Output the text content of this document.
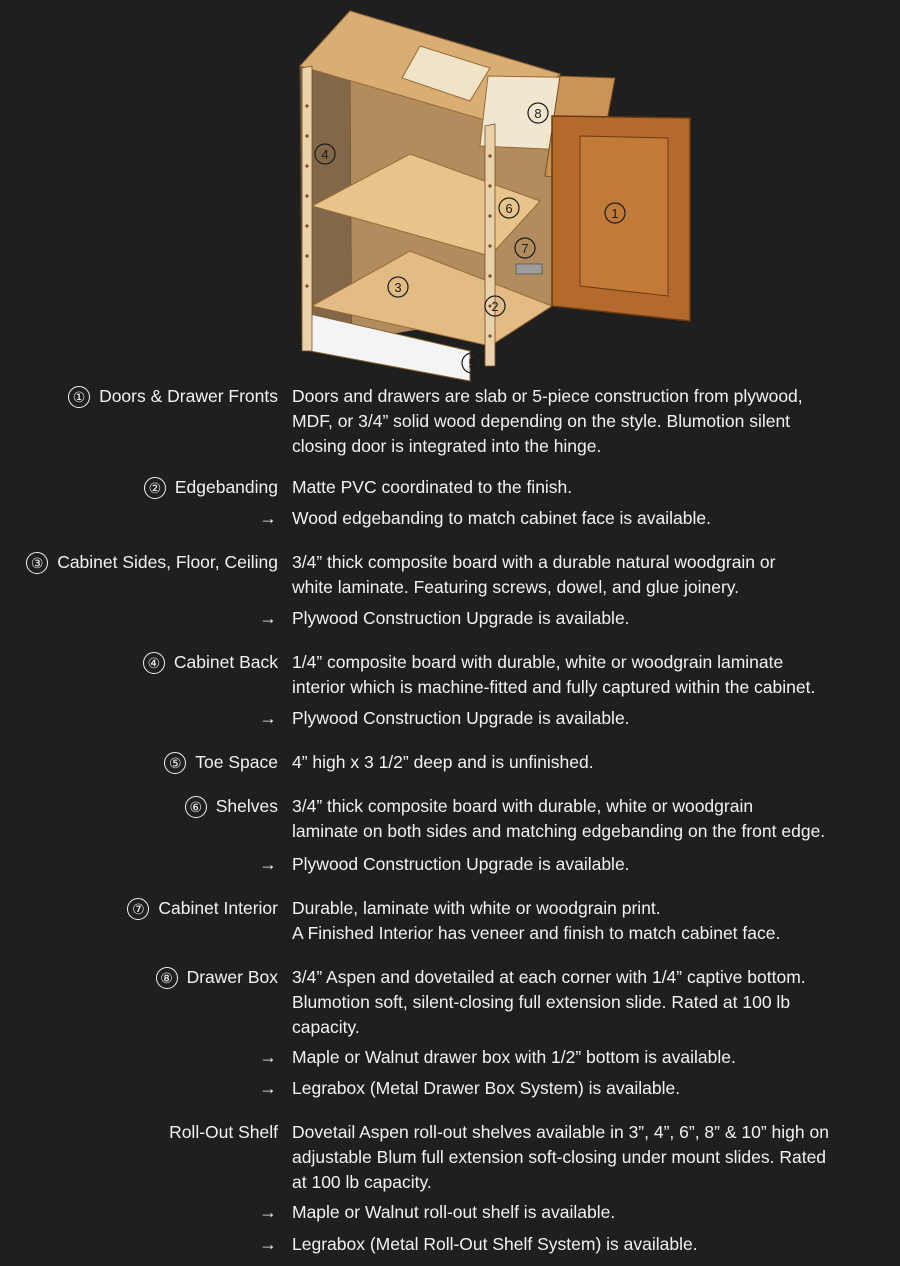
1
2
3
4
5
6
7
8
① Doors & Drawer Fronts Doors and drawers are slab or 5-piece construction from plywood,

MDF, or 3/4” solid wood depending on the style. Blumotion silent

closing door is integrated into the hinge.

② Edgebanding Matte PVC coordinated to the finish.

→ Wood edgebanding to match cabinet face is available.
③ Cabinet Sides, Floor, Ceiling 3/4” thick composite board with a durable natural woodgrain or

white laminate. Featuring screws, dowel, and glue joinery.

→ Plywood Construction Upgrade is available.
④ Cabinet Back 1/4” composite board with durable, white or woodgrain laminate

interior which is machine-fitted and fully captured within the cabinet.

→ Plywood Construction Upgrade is available.
⑤ Toe Space 4” high x 3 1/2” deep and is unfinished.

⑥ Shelves 3/4” thick composite board with durable, white or woodgrain

laminate on both sides and matching edgebanding on the front edge.

→ Plywood Construction Upgrade is available.
⑦ Cabinet Interior Durable, laminate with white or woodgrain print.

A Finished Interior has veneer and finish to match cabinet face.

⑧ Drawer Box 3/4” Aspen and dovetailed at each corner with 1/4” captive bottom.

Blumotion soft, silent-closing full extension slide. Rated at 100 lb

capacity.

→ Maple or Walnut drawer box with 1/2” bottom is available.
→ Legrabox (Metal Drawer Box System) is available.
Roll-Out Shelf Dovetail Aspen roll-out shelves available in 3”, 4”, 6”, 8” & 10” high on

adjustable Blum full extension soft-closing under mount slides. Rated

at 100 lb capacity.

→ Maple or Walnut roll-out shelf is available.
→ Legrabox (Metal Roll-Out Shelf System) is available.
